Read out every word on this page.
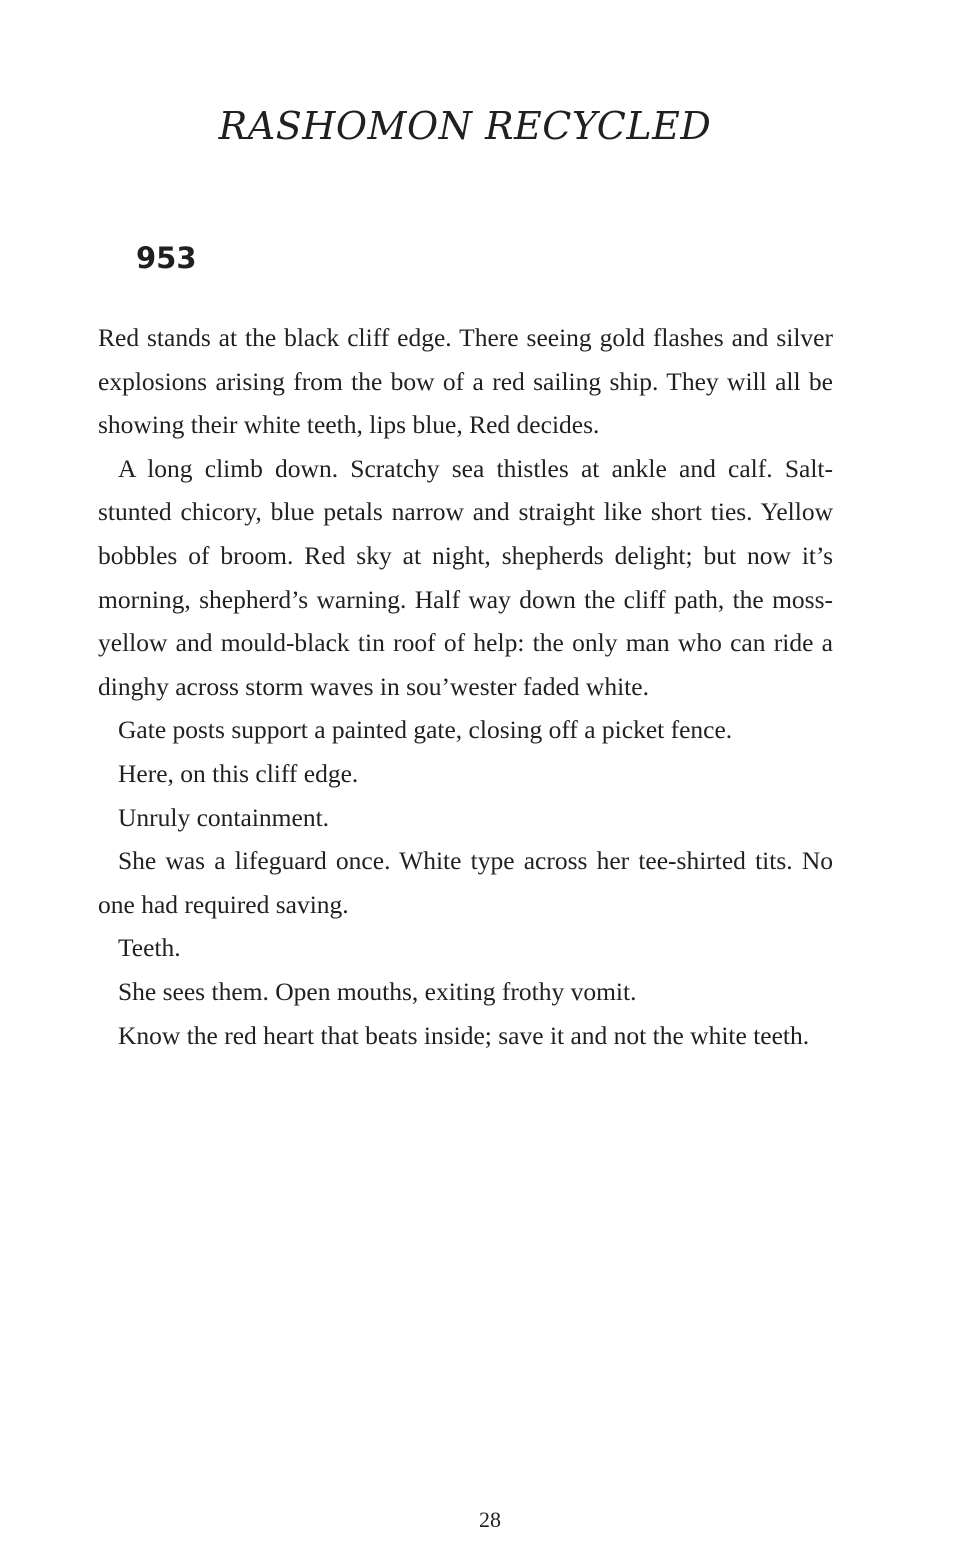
RASHOMON RECYCLED
953

Red stands at the black cliff edge. There seeing gold flashes and silver explosions arising from the bow of a red sailing ship. They will all be showing their white teeth, lips blue, Red decides.

A long climb down. Scratchy sea thistles at ankle and calf. Salt-stunted chicory, blue petals narrow and straight like short ties. Yellow bobbles of broom. Red sky at night, shepherds delight; but now it’s morning, shepherd’s warning. Half way down the cliff path, the moss-yellow and mould-black tin roof of help: the only man who can ride a dinghy across storm waves in sou’wester faded white.

Gate posts support a painted gate, closing off a picket fence.

Here, on this cliff edge.

Unruly containment.

She was a lifeguard once. White type across her tee-shirted tits. No one had required saving.

Teeth.

She sees them. Open mouths, exiting frothy vomit.

Know the red heart that beats inside; save it and not the white teeth.

28
